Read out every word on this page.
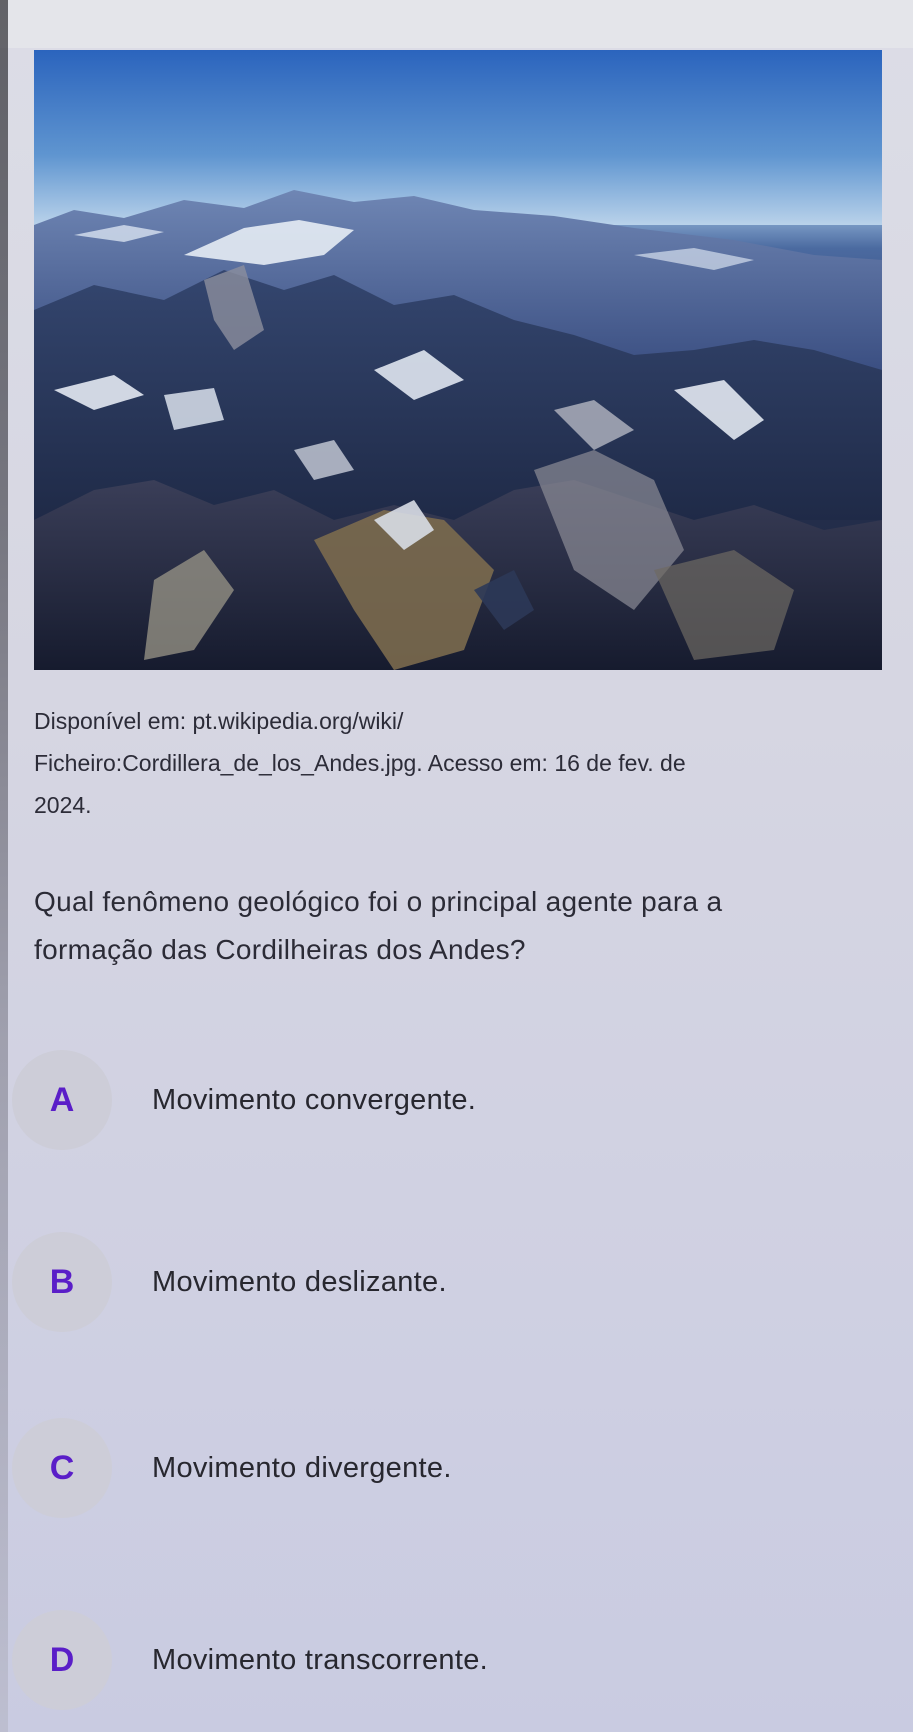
Disponível em: pt.wikipedia.org/wiki/
Ficheiro:Cordillera_de_los_Andes.jpg. Acesso em: 16 de fev. de
2024.
Qual fenômeno geológico foi o principal agente para a
formação das Cordilheiras dos Andes?
A	Movimento convergente.
B	Movimento deslizante.
C	Movimento divergente.
D	Movimento transcorrente.
